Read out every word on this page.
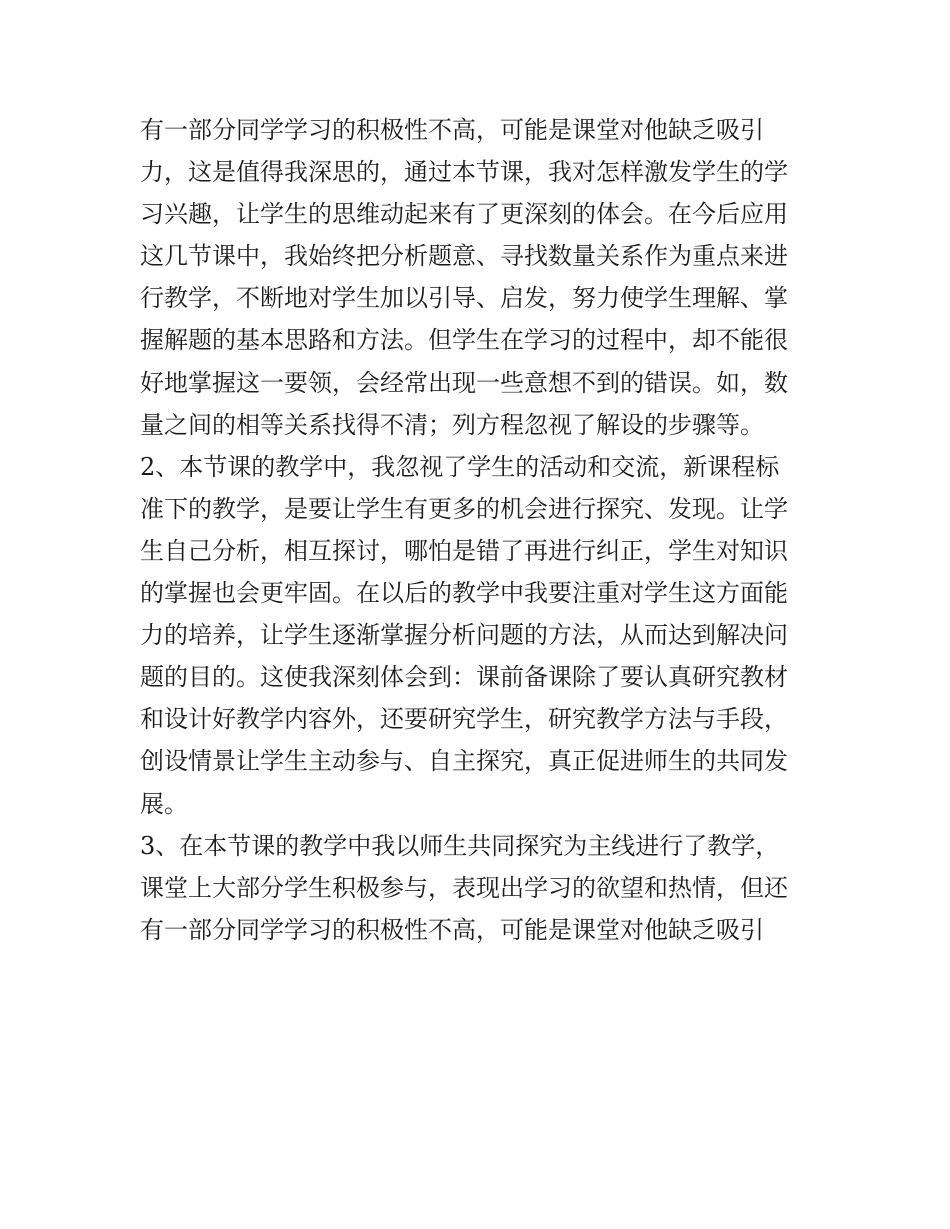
有一部分同学学习的积极性不高，可能是课堂对他缺乏吸引
力，这是值得我深思的，通过本节课，我对怎样激发学生的学
习兴趣，让学生的思维动起来有了更深刻的体会。在今后应用
这几节课中，我始终把分析题意、寻找数量关系作为重点来进
行教学，不断地对学生加以引导、启发，努力使学生理解、掌
握解题的基本思路和方法。但学生在学习的过程中，却不能很
好地掌握这一要领，会经常出现一些意想不到的错误。如，数
量之间的相等关系找得不清；列方程忽视了解设的步骤等。
2、本节课的教学中，我忽视了学生的活动和交流，新课程标
准下的教学，是要让学生有更多的机会进行探究、发现。让学
生自己分析，相互探讨，哪怕是错了再进行纠正，学生对知识
的掌握也会更牢固。在以后的教学中我要注重对学生这方面能
力的培养，让学生逐渐掌握分析问题的方法，从而达到解决问
题的目的。这使我深刻体会到：课前备课除了要认真研究教材
和设计好教学内容外，还要研究学生，研究教学方法与手段，
创设情景让学生主动参与、自主探究，真正促进师生的共同发
展。
3、在本节课的教学中我以师生共同探究为主线进行了教学，
课堂上大部分学生积极参与，表现出学习的欲望和热情，但还
有一部分同学学习的积极性不高，可能是课堂对他缺乏吸引
